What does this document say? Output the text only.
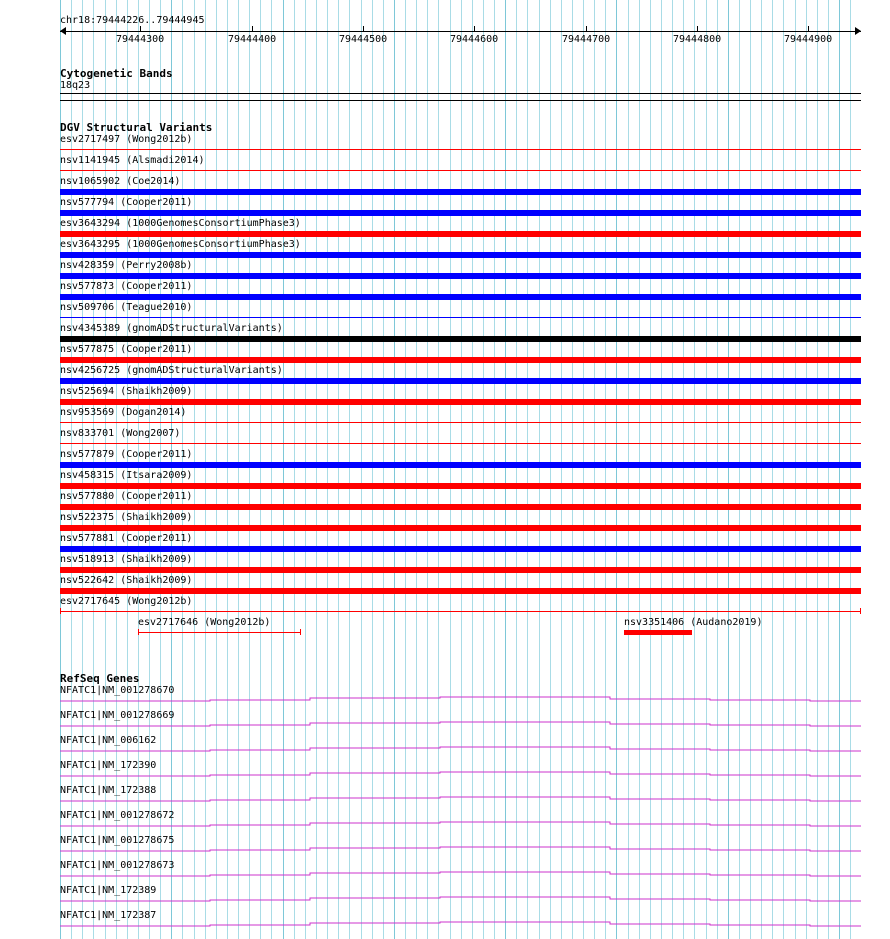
chr18:79444226..79444945
79444300	79444400	79444500	79444600	79444700	79444800	79444900
Cytogenetic Bands
18q23
DGV Structural Variants
esv2717497 (Wong2012b)
nsv1141945 (Alsmadi2014)
nsv1065902 (Coe2014)
nsv577794 (Cooper2011)
esv3643294 (1000GenomesConsortiumPhase3)
esv3643295 (1000GenomesConsortiumPhase3)
nsv428359 (Perry2008b)
nsv577873 (Cooper2011)
nsv509706 (Teague2010)
nsv4345389 (gnomADStructuralVariants)
nsv577875 (Cooper2011)
nsv4256725 (gnomADStructuralVariants)
nsv525694 (Shaikh2009)
nsv953569 (Dogan2014)
nsv833701 (Wong2007)
nsv577879 (Cooper2011)
nsv458315 (Itsara2009)
nsv577880 (Cooper2011)
nsv522375 (Shaikh2009)
nsv577881 (Cooper2011)
nsv518913 (Shaikh2009)
nsv522642 (Shaikh2009)
esv2717645 (Wong2012b)
esv2717646 (Wong2012b)	nsv3351406 (Audano2019)
RefSeq Genes
NFATC1|NM_001278670
NFATC1|NM_001278669
NFATC1|NM_006162
NFATC1|NM_172390
NFATC1|NM_172388
NFATC1|NM_001278672
NFATC1|NM_001278675
NFATC1|NM_001278673
NFATC1|NM_172389
NFATC1|NM_172387
